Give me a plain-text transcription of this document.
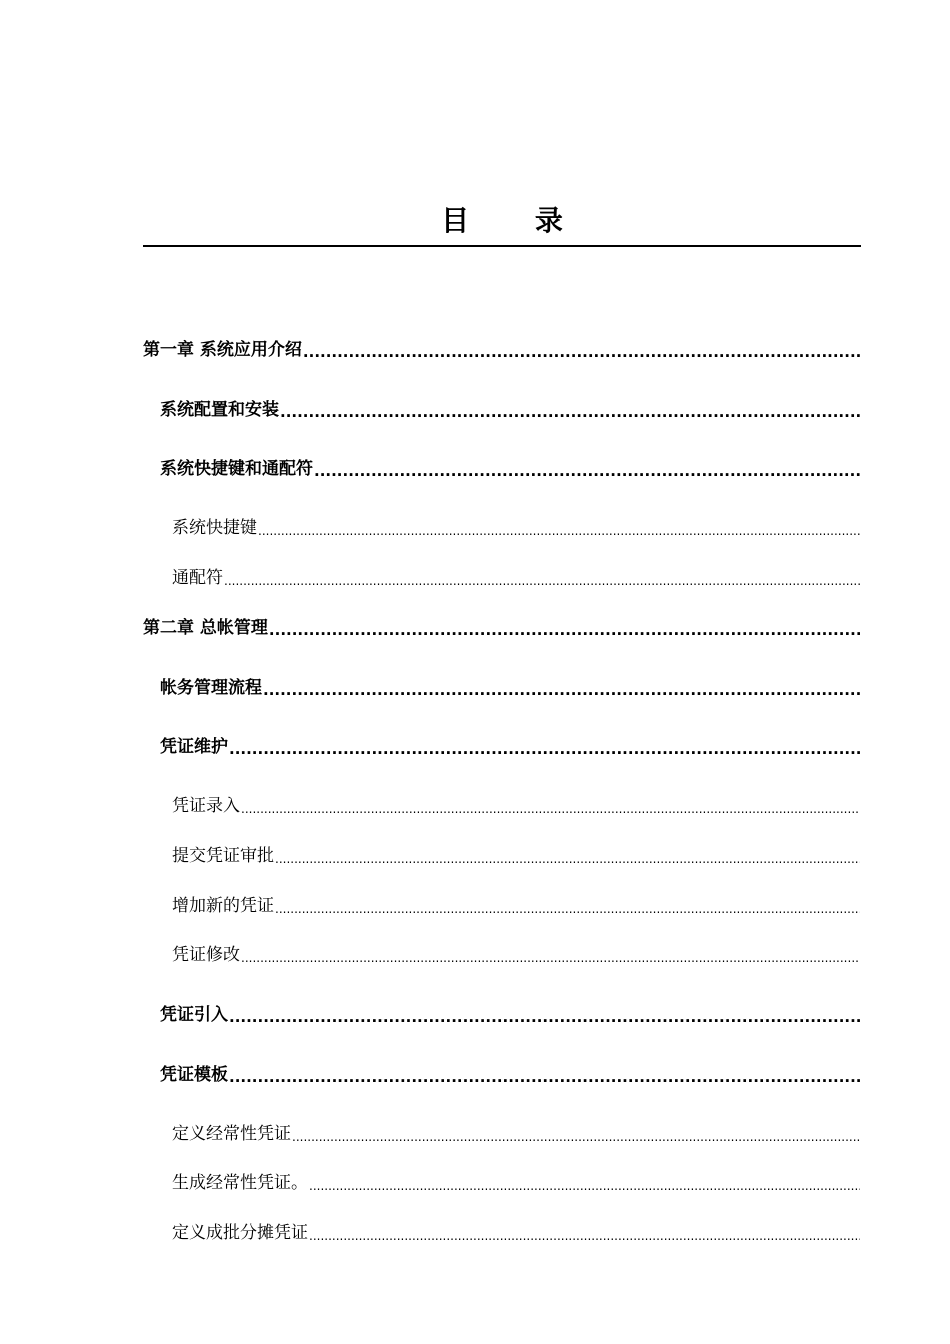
目 录
第一章 系统应用介绍
.....
系统配置和安装
.....
系统快捷键和通配符
.....
系统快捷键
.....
通配符
.....
第二章 总帐管理
.....
帐务管理流程
.....
凭证维护
.....
凭证录入
.....
提交凭证审批
.....
增加新的凭证
.....
凭证修改
.....
凭证引入
.....
凭证模板
.....
定义经常性凭证
.....
生成经常性凭证。
.....
定义成批分摊凭证
.....
